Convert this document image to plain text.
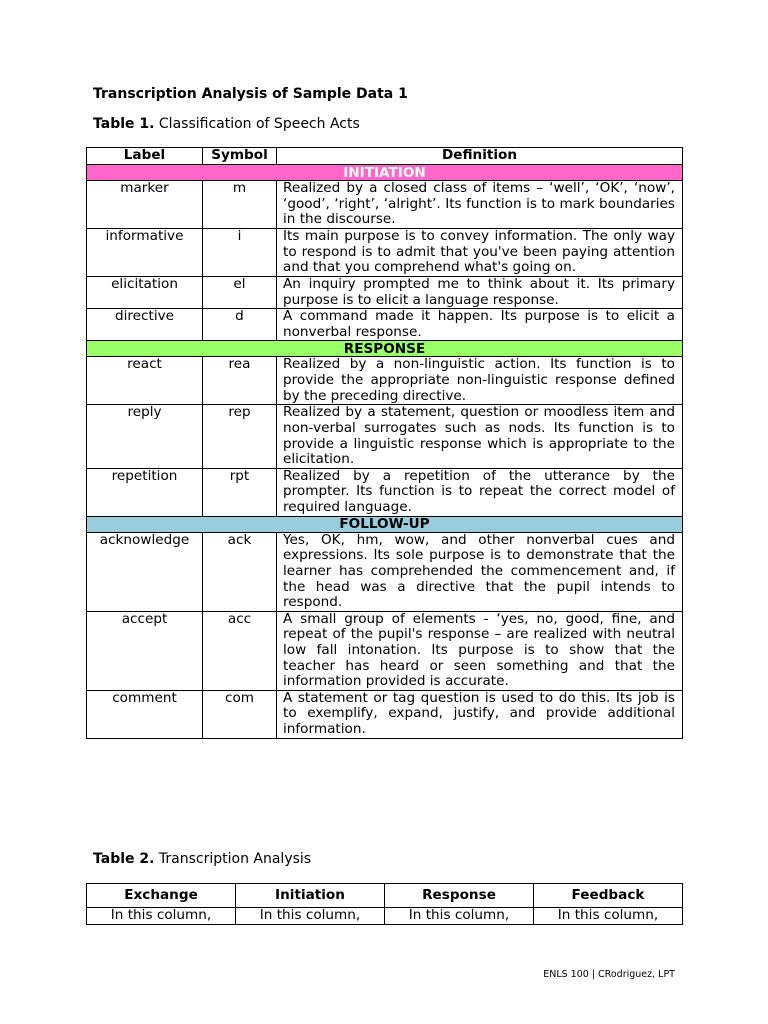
Transcription Analysis of Sample Data 1
Table 1. Classification of Speech Acts
Label	Symbol	Definition
INITIATION		
marker	m	Realized by a closed class of items – ‘well’, ‘OK’, ‘now’, ‘good’, ‘right’, ‘alright’. Its function is to mark boundaries in the discourse.
informative	i	Its main purpose is to convey information. The only way to respond is to admit that you've been paying attention and that you comprehend what's going on.
elicitation	el	An inquiry prompted me to think about it. Its primary purpose is to elicit a language response.
directive	d	A command made it happen. Its purpose is to elicit a nonverbal response.
RESPONSE		
react	rea	Realized by a non-linguistic action. Its function is to provide the appropriate non-linguistic response defined by the preceding directive.
reply	rep	Realized by a statement, question or moodless item and non-verbal surrogates such as nods. Its function is to provide a linguistic response which is appropriate to the elicitation.
repetition	rpt	Realized by a repetition of the utterance by the prompter. Its function is to repeat the correct model of required language.
FOLLOW-UP		
acknowledge	ack	Yes, OK, hm, wow, and other nonverbal cues and expressions. Its sole purpose is to demonstrate that the learner has comprehended the commencement and, if the head was a directive that the pupil intends to respond.
accept	acc	A small group of elements - ‘yes, no, good, fine, and repeat of the pupil's response – are realized with neutral low fall intonation. Its purpose is to show that the teacher has heard or seen something and that the information provided is accurate.
comment	com	A statement or tag question is used to do this. Its job is to exemplify, expand, justify, and provide additional information.
Table 2. Transcription Analysis
Exchange	Initiation	Response	Feedback
In this column,	In this column,	In this column,	In this column,
ENLS 100 | CRodriguez, LPT
